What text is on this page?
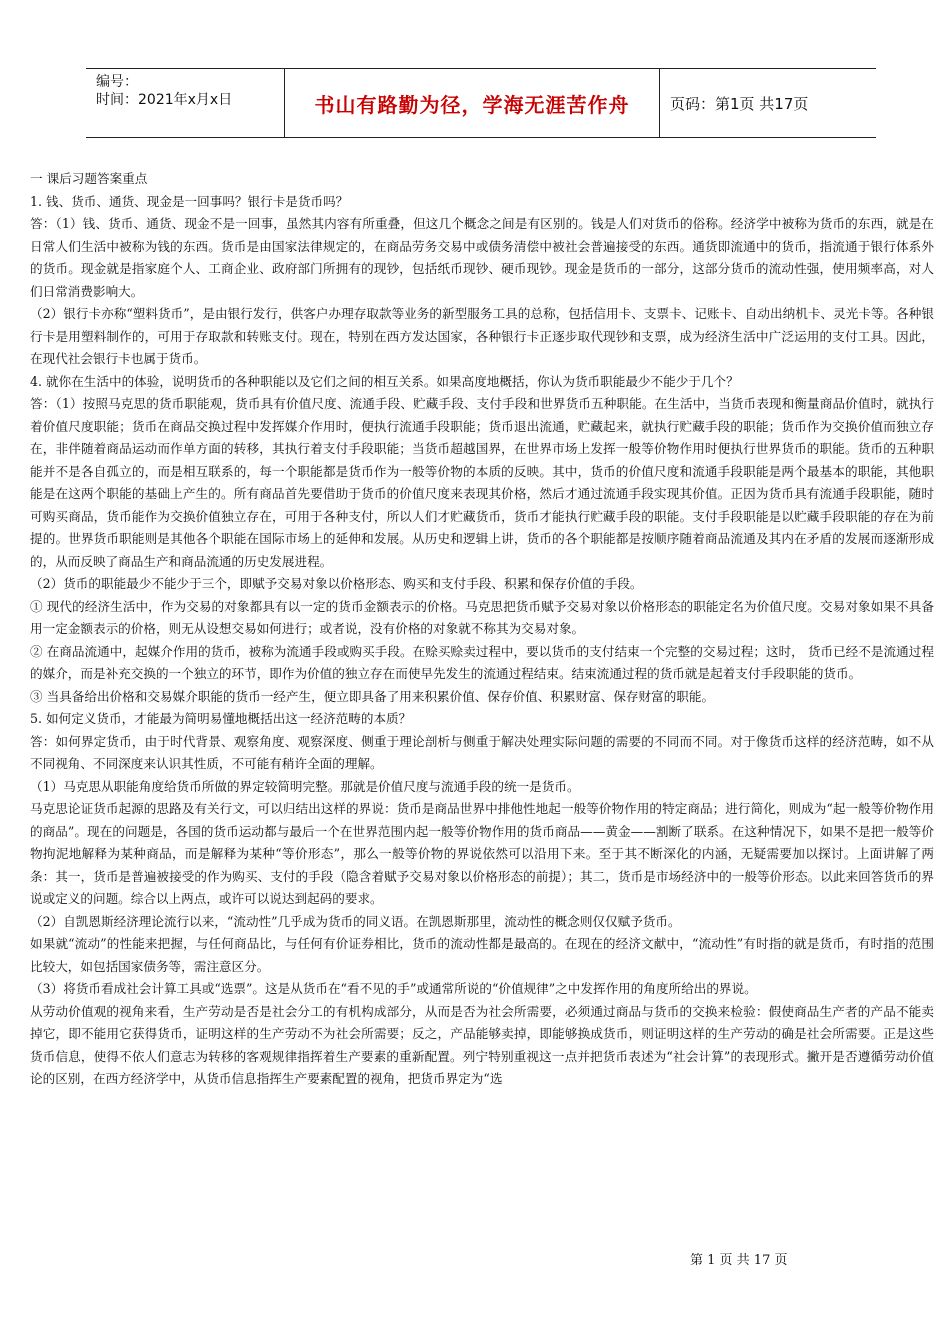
编号：
时间：2021年x月x日	书山有路勤为径，学海无涯苦作舟	页码：第1页 共17页

一 课后习题答案重点

1. 钱、货币、通货、现金是一回事吗？银行卡是货币吗？

答：（1）钱、货币、通货、现金不是一回事，虽然其内容有所重叠，但这几个概念之间是有区别的。钱是人们对货币的俗称。经济学中被称为货币的东西，就是在日常人们生活中被称为钱的东西。货币是由国家法律规定的，在商品劳务交易中或债务清偿中被社会普遍接受的东西。通货即流通中的货币，指流通于银行体系外的货币。现金就是指家庭个人、工商企业、政府部门所拥有的现钞，包括纸币现钞、硬币现钞。现金是货币的一部分，这部分货币的流动性强，使用频率高，对人们日常消费影响大。

（2）银行卡亦称“塑料货币”，是由银行发行，供客户办理存取款等业务的新型服务工具的总称，包括信用卡、支票卡、记账卡、自动出纳机卡、灵光卡等。各种银行卡是用塑料制作的，可用于存取款和转账支付。现在，特别在西方发达国家，各种银行卡正逐步取代现钞和支票，成为经济生活中广泛运用的支付工具。因此，在现代社会银行卡也属于货币。

4. 就你在生活中的体验，说明货币的各种职能以及它们之间的相互关系。如果高度地概括，你认为货币职能最少不能少于几个？

答：（1）按照马克思的货币职能观，货币具有价值尺度、流通手段、贮藏手段、支付手段和世界货币五种职能。在生活中，当货币表现和衡量商品价值时，就执行着价值尺度职能；货币在商品交换过程中发挥媒介作用时，便执行流通手段职能；货币退出流通，贮藏起来，就执行贮藏手段的职能；货币作为交换价值而独立存在，非伴随着商品运动而作单方面的转移，其执行着支付手段职能；当货币超越国界，在世界市场上发挥一般等价物作用时便执行世界货币的职能。货币的五种职能并不是各自孤立的，而是相互联系的，每一个职能都是货币作为一般等价物的本质的反映。其中，货币的价值尺度和流通手段职能是两个最基本的职能，其他职能是在这两个职能的基础上产生的。所有商品首先要借助于货币的价值尺度来表现其价格，然后才通过流通手段实现其价值。正因为货币具有流通手段职能，随时可购买商品，货币能作为交换价值独立存在，可用于各种支付，所以人们才贮藏货币，货币才能执行贮藏手段的职能。支付手段职能是以贮藏手段职能的存在为前提的。世界货币职能则是其他各个职能在国际市场上的延伸和发展。从历史和逻辑上讲，货币的各个职能都是按顺序随着商品流通及其内在矛盾的发展而逐渐形成的，从而反映了商品生产和商品流通的历史发展进程。

（2）货币的职能最少不能少于三个，即赋予交易对象以价格形态、购买和支付手段、积累和保存价值的手段。

① 现代的经济生活中，作为交易的对象都具有以一定的货币金额表示的价格。马克思把货币赋予交易对象以价格形态的职能定名为价值尺度。交易对象如果不具备用一定金额表示的价格，则无从设想交易如何进行；或者说，没有价格的对象就不称其为交易对象。

② 在商品流通中，起媒介作用的货币，被称为流通手段或购买手段。在赊买赊卖过程中，要以货币的支付结束一个完整的交易过程；这时， 货币已经不是流通过程的媒介，而是补充交换的一个独立的环节，即作为价值的独立存在而使早先发生的流通过程结束。结束流通过程的货币就是起着支付手段职能的货币。

③ 当具备给出价格和交易媒介职能的货币一经产生，便立即具备了用来积累价值、保存价值、积累财富、保存财富的职能。

5. 如何定义货币，才能最为简明易懂地概括出这一经济范畴的本质？

答：如何界定货币，由于时代背景、观察角度、观察深度、侧重于理论剖析与侧重于解决处理实际问题的需要的不同而不同。对于像货币这样的经济范畴，如不从不同视角、不同深度来认识其性质，不可能有稍许全面的理解。

（1）马克思从职能角度给货币所做的界定较简明完整。那就是价值尺度与流通手段的统一是货币。

马克思论证货币起源的思路及有关行文，可以归结出这样的界说：货币是商品世界中排他性地起一般等价物作用的特定商品；进行简化，则成为“起一般等价物作用的商品”。现在的问题是，各国的货币运动都与最后一个在世界范围内起一般等价物作用的货币商品——黄金——割断了联系。在这种情况下，如果不是把一般等价物拘泥地解释为某种商品，而是解释为某种“等价形态”，那么一般等价物的界说依然可以沿用下来。至于其不断深化的内涵，无疑需要加以探讨。上面讲解了两条：其一，货币是普遍被接受的作为购买、支付的手段（隐含着赋予交易对象以价格形态的前提）；其二，货币是市场经济中的一般等价形态。以此来回答货币的界说或定义的问题。综合以上两点，或许可以说达到起码的要求。

（2）自凯恩斯经济理论流行以来，“流动性”几乎成为货币的同义语。在凯恩斯那里，流动性的概念则仅仅赋予货币。

如果就“流动”的性能来把握，与任何商品比，与任何有价证券相比，货币的流动性都是最高的。在现在的经济文献中，“流动性”有时指的就是货币，有时指的范围比较大，如包括国家债务等，需注意区分。

（3）将货币看成社会计算工具或“选票”。这是从货币在“看不见的手”或通常所说的“价值规律”之中发挥作用的角度所给出的界说。

从劳动价值观的视角来看，生产劳动是否是社会分工的有机构成部分，从而是否为社会所需要，必须通过商品与货币的交换来检验：假使商品生产者的产品不能卖掉它，即不能用它获得货币，证明这样的生产劳动不为社会所需要；反之，产品能够卖掉，即能够换成货币，则证明这样的生产劳动的确是社会所需要。正是这些货币信息，使得不依人们意志为转移的客观规律指挥着生产要素的重新配置。列宁特别重视这一点并把货币表述为“社会计算”的表现形式。撇开是否遵循劳动价值论的区别，在西方经济学中，从货币信息指挥生产要素配置的视角，把货币界定为“选

第 1 页 共 17 页
